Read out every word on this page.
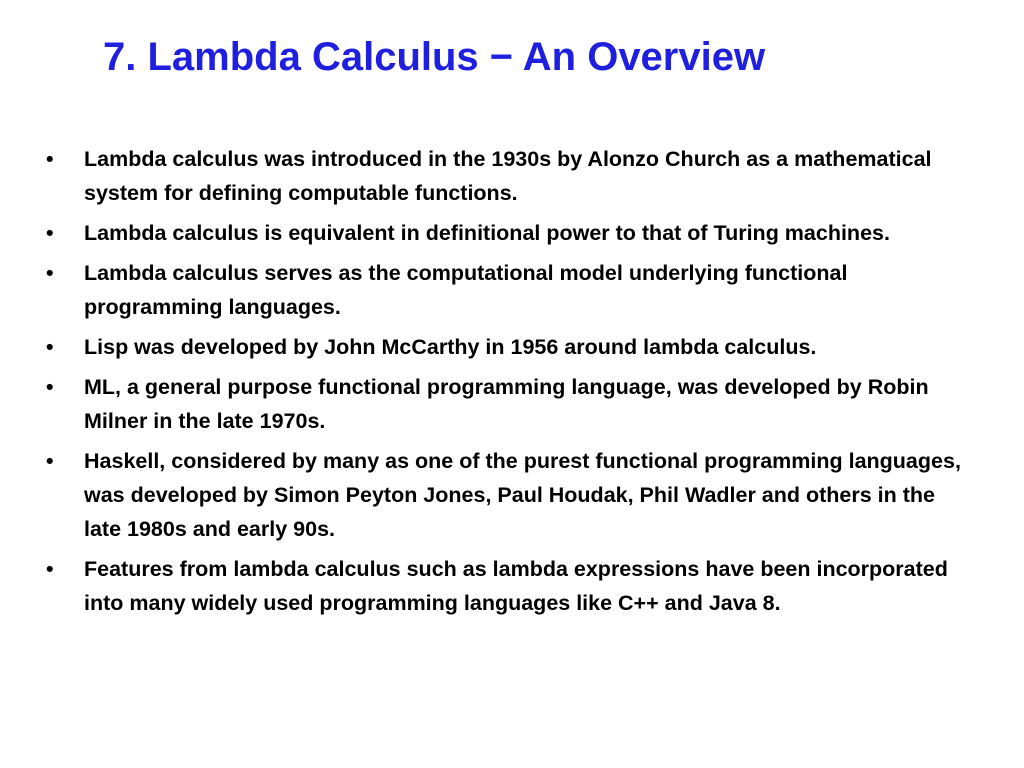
7. Lambda Calculus − An Overview
• Lambda calculus was introduced in the 1930s by Alonzo Church as a mathematical system for defining computable functions.
• Lambda calculus is equivalent in definitional power to that of Turing machines.
• Lambda calculus serves as the computational model underlying functional programming languages.
• Lisp was developed by John McCarthy in 1956 around lambda calculus.
• ML, a general purpose functional programming language, was developed by Robin Milner in the late 1970s.
• Haskell, considered by many as one of the purest functional programming languages, was developed by Simon Peyton Jones, Paul Houdak, Phil Wadler and others in the late 1980s and early 90s.
• Features from lambda calculus such as lambda expressions have been incorporated into many widely used programming languages like C++ and Java 8.
